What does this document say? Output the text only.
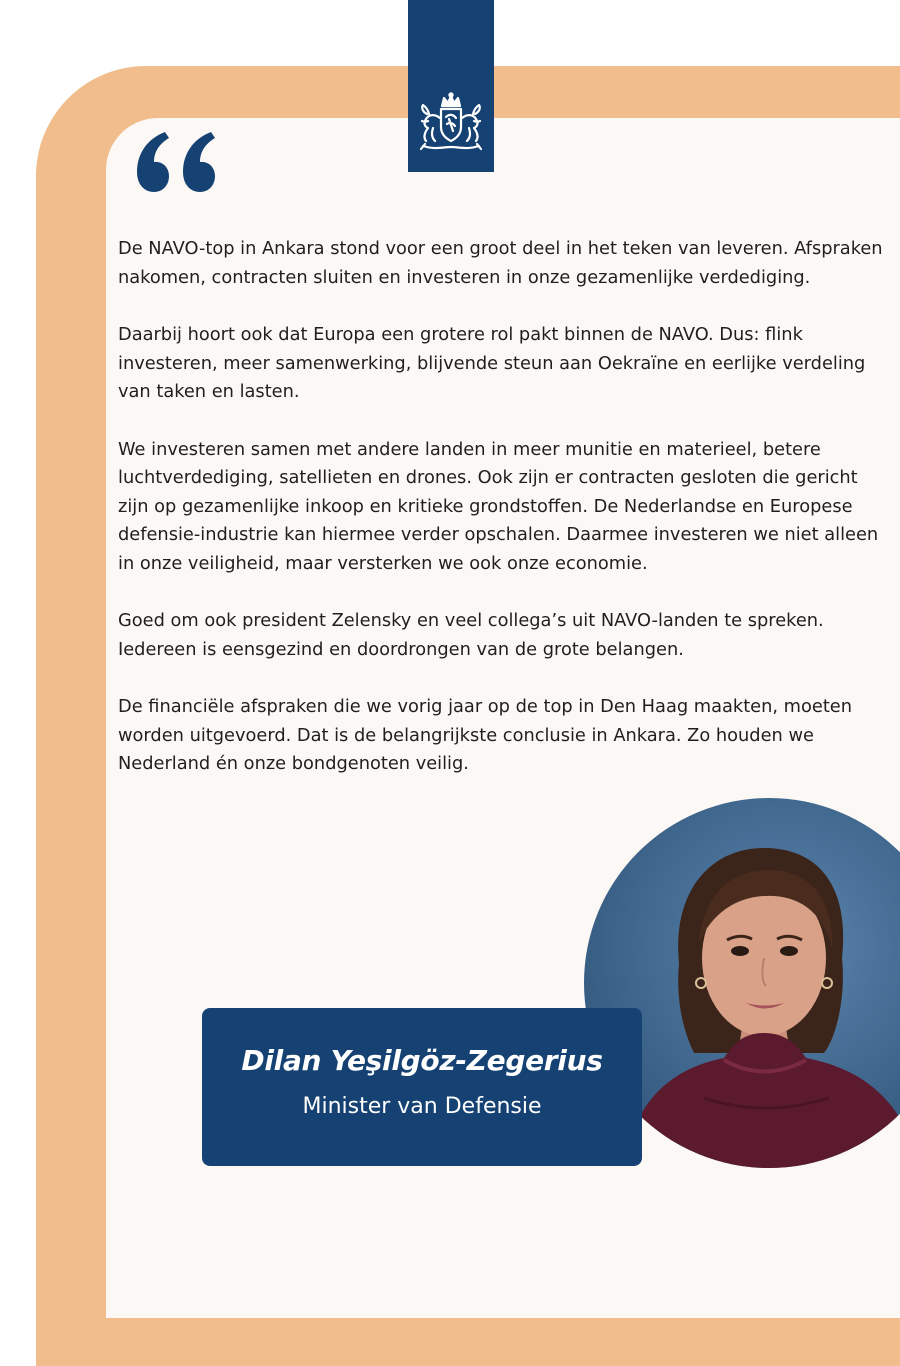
De NAVO-top in Ankara stond voor een groot deel in het teken van leveren. Afspraken nakomen, contracten sluiten en investeren in onze gezamenlijke verdediging.

Daarbij hoort ook dat Europa een grotere rol pakt binnen de NAVO. Dus: flink investeren, meer samenwerking, blijvende steun aan Oekraïne en eerlijke verdeling van taken en lasten.

We investeren samen met andere landen in meer munitie en materieel, betere luchtverdediging, satellieten en drones. Ook zijn er contracten gesloten die gericht zijn op gezamenlijke inkoop en kritieke grondstoffen. De Nederlandse en Europese defensie-industrie kan hiermee verder opschalen. Daarmee investeren we niet alleen in onze veiligheid, maar versterken we ook onze economie.

Goed om ook president Zelensky en veel collega’s uit NAVO-landen te spreken. Iedereen is eensgezind en doordrongen van de grote belangen.

De financiële afspraken die we vorig jaar op de top in Den Haag maakten, moeten worden uitgevoerd. Dat is de belangrijkste conclusie in Ankara. Zo houden we Nederland én onze bondgenoten veilig.

Dilan Yeşilgöz-Zegerius
Minister van Defensie
